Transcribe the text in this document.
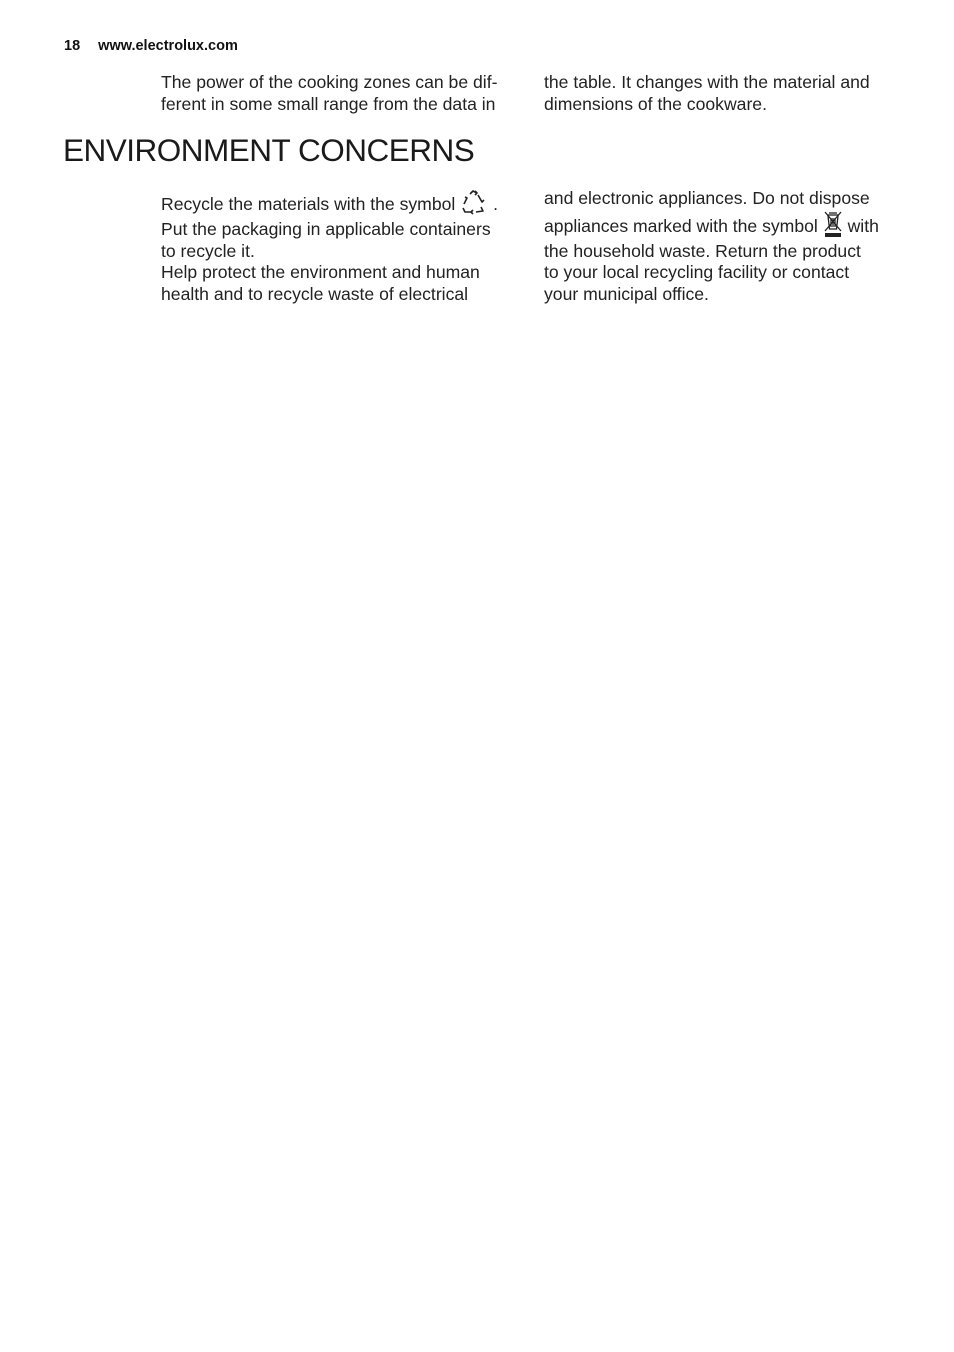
18 www.electrolux.com

The power of the cooking zones can be dif-

ferent in some small range from the data in

the table. It changes with the material and

dimensions of the cookware.

ENVIRONMENT CONCERNS

Recycle the materials with the symbol .

Put the packaging in applicable containers

to recycle it.

Help protect the environment and human

health and to recycle waste of electrical

and electronic appliances. Do not dispose

appliances marked with the symbol with

the household waste. Return the product

to your local recycling facility or contact

your municipal office.
